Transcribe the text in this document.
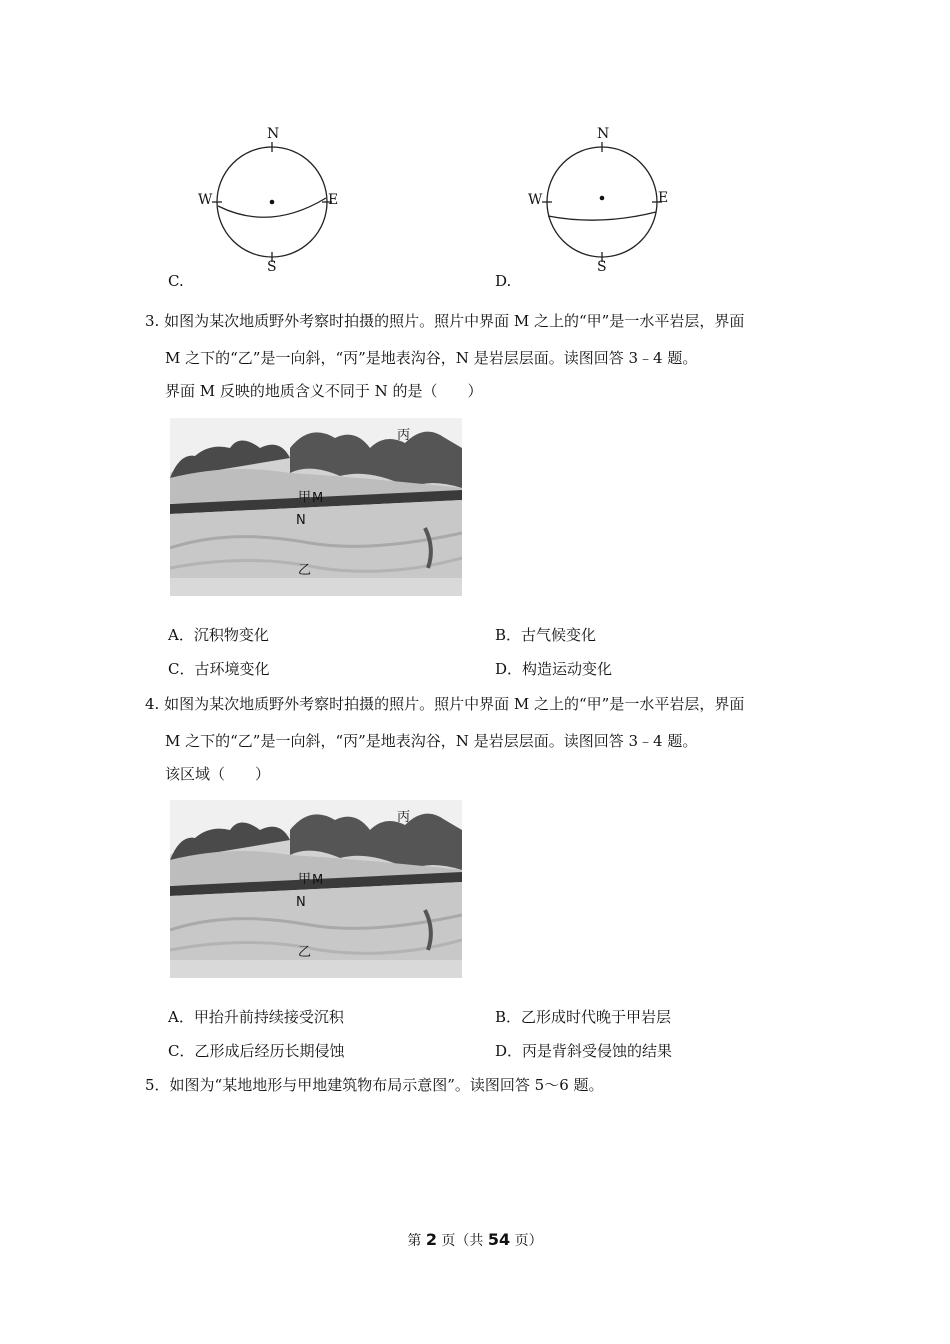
N
S
W	E
C.
N
S
W	E
D.
3. 如图为某次地质野外考察时拍摄的照片。照片中界面 M 之上的“甲”是一水平岩层，界面
M 之下的“乙”是一向斜，“丙”是地表沟谷，N 是岩层层面。读图回答 3﹣4 题。
界面 M 反映的地质含义不同于 N 的是（　　）
丙
甲 M
N
乙
A．沉积物变化	B．古气候变化
C．古环境变化	D．构造运动变化
4. 如图为某次地质野外考察时拍摄的照片。照片中界面 M 之上的“甲”是一水平岩层，界面
M 之下的“乙”是一向斜，“丙”是地表沟谷，N 是岩层层面。读图回答 3﹣4 题。
该区域（　　）
丙
甲 M
N
乙
A．甲抬升前持续接受沉积	B．乙形成时代晚于甲岩层
C．乙形成后经历长期侵蚀	D．丙是背斜受侵蚀的结果
5．如图为“某地地形与甲地建筑物布局示意图”。读图回答 5～6 题。
第 2 页（共 54 页）
